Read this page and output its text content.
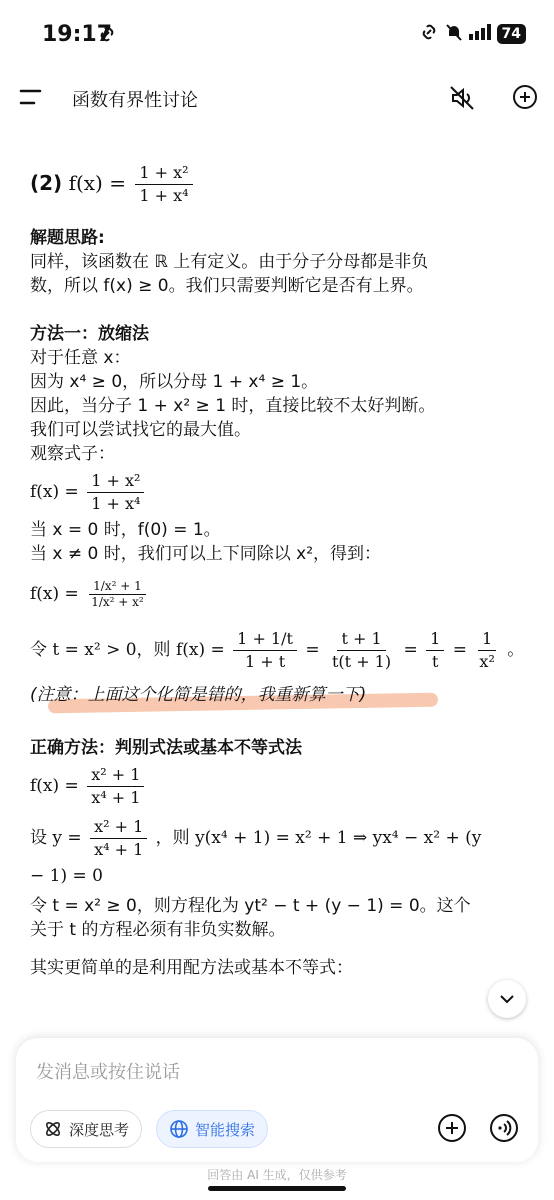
19:17	74
函数有界性讨论
(2) $f(x) = \frac{\text{1 + x²}}{\text{1 + x⁴}}$
解题思路:
同样，该函数在 ℝ 上有定义。由于分子分母都是非负
数，所以 f(x) ≥ 0。我们只需要判断它是否有上界。
方法一：放缩法
对于任意 x：
因为 x⁴ ≥ 0，所以分母 1 + x⁴ ≥ 1。
因此，当分子 1 + x² ≥ 1 时，直接比较不太好判断。
我们可以尝试找它的最大值。
观察式子：
$f(x) = \frac{\text{1 + x²}}{\text{1 + x⁴}}$
当 x = 0 时，f(0) = 1。
当 x ≠ 0 时，我们可以上下同除以 x²，得到：
$f(x) = \frac{\text{1/x² + 1}}{\text{1/x² + x²}}$
令 t = x² > 0，则 $f(x) = \frac{1 + 1/t}{1 + t} = \frac{t + 1}{t(t + 1)} = \frac{1}{t} = \frac{1}{\text{x²}}$ 。
(注意：上面这个化简是错的，我重新算一下)
正确方法：判别式法或基本不等式法
$f(x) = \frac{\text{x² + 1}}{\text{x⁴ + 1}}$
设 $y = \frac{\text{x² + 1}}{\text{x⁴ + 1}}$ ，则 y(x⁴ + 1) = x² + 1 ⇒ yx⁴ − x² + (y
− 1) = 0
令 t = x² ≥ 0，则方程化为 yt² − t + (y − 1) = 0。这个
关于 t 的方程必须有非负实数解。
其实更简单的是利用配方法或基本不等式：
发消息或按住说话
深度思考	智能搜索
回答由 AI 生成，仅供参考
